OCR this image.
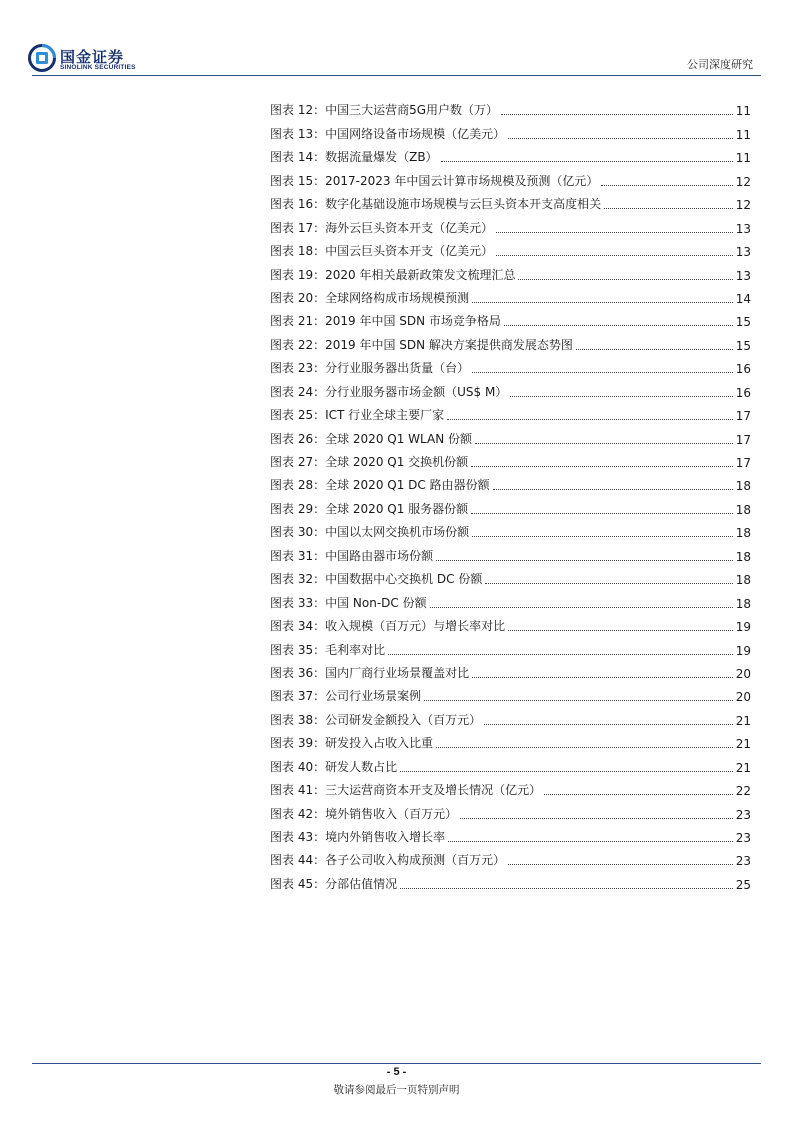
国金证券
SINOLINK SECURITIES	公司深度研究
图表 12： 中国三大运营商5G用户数（万）	11
图表 13： 中国网络设备市场规模（亿美元）	11
图表 14： 数据流量爆发（ZB）	11
图表 15： 2017-2023 年中国云计算市场规模及预测（亿元）	12
图表 16： 数字化基础设施市场规模与云巨头资本开支高度相关	12
图表 17： 海外云巨头资本开支（亿美元）	13
图表 18： 中国云巨头资本开支（亿美元）	13
图表 19： 2020 年相关最新政策发文梳理汇总	13
图表 20： 全球网络构成市场规模预测	14
图表 21： 2019 年中国 SDN 市场竞争格局	15
图表 22： 2019 年中国 SDN 解决方案提供商发展态势图	15
图表 23： 分行业服务器出货量（台）	16
图表 24： 分行业服务器市场金额（US$ M）	16
图表 25： ICT 行业全球主要厂家	17
图表 26： 全球 2020 Q1 WLAN 份额	17
图表 27： 全球 2020 Q1 交换机份额	17
图表 28： 全球 2020 Q1 DC 路由器份额	18
图表 29： 全球 2020 Q1 服务器份额	18
图表 30： 中国以太网交换机市场份额	18
图表 31： 中国路由器市场份额	18
图表 32： 中国数据中心交换机 DC 份额	18
图表 33： 中国 Non-DC 份额	18
图表 34： 收入规模（百万元）与增长率对比	19
图表 35： 毛利率对比	19
图表 36： 国内厂商行业场景覆盖对比	20
图表 37： 公司行业场景案例	20
图表 38： 公司研发金额投入（百万元）	21
图表 39： 研发投入占收入比重	21
图表 40： 研发人数占比	21
图表 41： 三大运营商资本开支及增长情况（亿元）	22
图表 42： 境外销售收入（百万元）	23
图表 43： 境内外销售收入增长率	23
图表 44： 各子公司收入构成预测（百万元）	23
图表 45： 分部估值情况	25
- 5 -
敬请参阅最后一页特别声明
